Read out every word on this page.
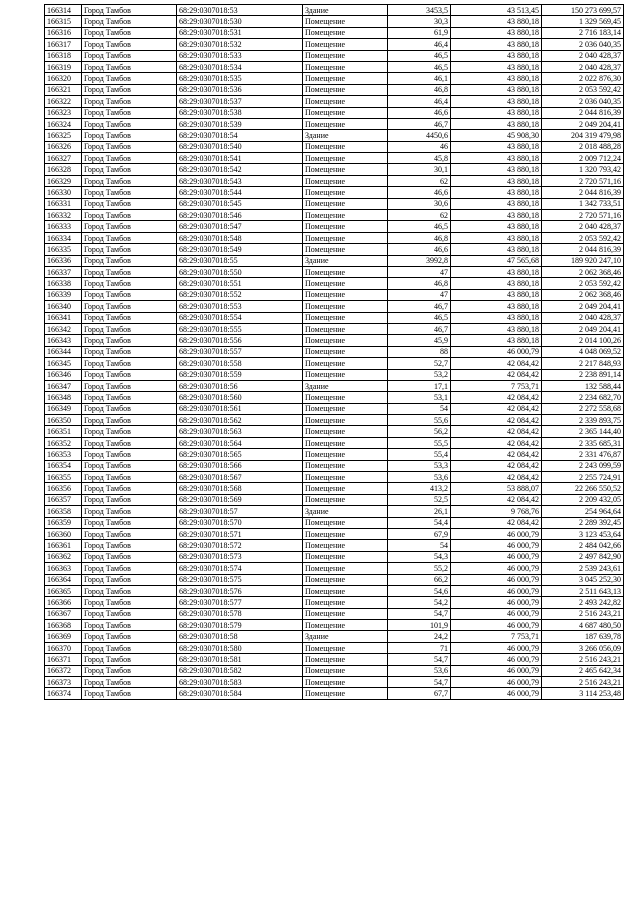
166314	Город Тамбов	68:29:0307018:53	Здание	3453,5	43 513,45	150 273 699,57
166315	Город Тамбов	68:29:0307018:530	Помещение	30,3	43 880,18	1 329 569,45
166316	Город Тамбов	68:29:0307018:531	Помещение	61,9	43 880,18	2 716 183,14
166317	Город Тамбов	68:29:0307018:532	Помещение	46,4	43 880,18	2 036 040,35
166318	Город Тамбов	68:29:0307018:533	Помещение	46,5	43 880,18	2 040 428,37
166319	Город Тамбов	68:29:0307018:534	Помещение	46,5	43 880,18	2 040 428,37
166320	Город Тамбов	68:29:0307018:535	Помещение	46,1	43 880,18	2 022 876,30
166321	Город Тамбов	68:29:0307018:536	Помещение	46,8	43 880,18	2 053 592,42
166322	Город Тамбов	68:29:0307018:537	Помещение	46,4	43 880,18	2 036 040,35
166323	Город Тамбов	68:29:0307018:538	Помещение	46,6	43 880,18	2 044 816,39
166324	Город Тамбов	68:29:0307018:539	Помещение	46,7	43 880,18	2 049 204,41
166325	Город Тамбов	68:29:0307018:54	Здание	4450,6	45 908,30	204 319 479,98
166326	Город Тамбов	68:29:0307018:540	Помещение	46	43 880,18	2 018 488,28
166327	Город Тамбов	68:29:0307018:541	Помещение	45,8	43 880,18	2 009 712,24
166328	Город Тамбов	68:29:0307018:542	Помещение	30,1	43 880,18	1 320 793,42
166329	Город Тамбов	68:29:0307018:543	Помещение	62	43 880,18	2 720 571,16
166330	Город Тамбов	68:29:0307018:544	Помещение	46,6	43 880,18	2 044 816,39
166331	Город Тамбов	68:29:0307018:545	Помещение	30,6	43 880,18	1 342 733,51
166332	Город Тамбов	68:29:0307018:546	Помещение	62	43 880,18	2 720 571,16
166333	Город Тамбов	68:29:0307018:547	Помещение	46,5	43 880,18	2 040 428,37
166334	Город Тамбов	68:29:0307018:548	Помещение	46,8	43 880,18	2 053 592,42
166335	Город Тамбов	68:29:0307018:549	Помещение	46,6	43 880,18	2 044 816,39
166336	Город Тамбов	68:29:0307018:55	Здание	3992,8	47 565,68	189 920 247,10
166337	Город Тамбов	68:29:0307018:550	Помещение	47	43 880,18	2 062 368,46
166338	Город Тамбов	68:29:0307018:551	Помещение	46,8	43 880,18	2 053 592,42
166339	Город Тамбов	68:29:0307018:552	Помещение	47	43 880,18	2 062 368,46
166340	Город Тамбов	68:29:0307018:553	Помещение	46,7	43 880,18	2 049 204,41
166341	Город Тамбов	68:29:0307018:554	Помещение	46,5	43 880,18	2 040 428,37
166342	Город Тамбов	68:29:0307018:555	Помещение	46,7	43 880,18	2 049 204,41
166343	Город Тамбов	68:29:0307018:556	Помещение	45,9	43 880,18	2 014 100,26
166344	Город Тамбов	68:29:0307018:557	Помещение	88	46 000,79	4 048 069,52
166345	Город Тамбов	68:29:0307018:558	Помещение	52,7	42 084,42	2 217 848,93
166346	Город Тамбов	68:29:0307018:559	Помещение	53,2	42 084,42	2 238 891,14
166347	Город Тамбов	68:29:0307018:56	Здание	17,1	7 753,71	132 588,44
166348	Город Тамбов	68:29:0307018:560	Помещение	53,1	42 084,42	2 234 682,70
166349	Город Тамбов	68:29:0307018:561	Помещение	54	42 084,42	2 272 558,68
166350	Город Тамбов	68:29:0307018:562	Помещение	55,6	42 084,42	2 339 893,75
166351	Город Тамбов	68:29:0307018:563	Помещение	56,2	42 084,42	2 365 144,40
166352	Город Тамбов	68:29:0307018:564	Помещение	55,5	42 084,42	2 335 685,31
166353	Город Тамбов	68:29:0307018:565	Помещение	55,4	42 084,42	2 331 476,87
166354	Город Тамбов	68:29:0307018:566	Помещение	53,3	42 084,42	2 243 099,59
166355	Город Тамбов	68:29:0307018:567	Помещение	53,6	42 084,42	2 255 724,91
166356	Город Тамбов	68:29:0307018:568	Помещение	413,2	53 888,07	22 266 550,52
166357	Город Тамбов	68:29:0307018:569	Помещение	52,5	42 084,42	2 209 432,05
166358	Город Тамбов	68:29:0307018:57	Здание	26,1	9 768,76	254 964,64
166359	Город Тамбов	68:29:0307018:570	Помещение	54,4	42 084,42	2 289 392,45
166360	Город Тамбов	68:29:0307018:571	Помещение	67,9	46 000,79	3 123 453,64
166361	Город Тамбов	68:29:0307018:572	Помещение	54	46 000,79	2 484 042,66
166362	Город Тамбов	68:29:0307018:573	Помещение	54,3	46 000,79	2 497 842,90
166363	Город Тамбов	68:29:0307018:574	Помещение	55,2	46 000,79	2 539 243,61
166364	Город Тамбов	68:29:0307018:575	Помещение	66,2	46 000,79	3 045 252,30
166365	Город Тамбов	68:29:0307018:576	Помещение	54,6	46 000,79	2 511 643,13
166366	Город Тамбов	68:29:0307018:577	Помещение	54,2	46 000,79	2 493 242,82
166367	Город Тамбов	68:29:0307018:578	Помещение	54,7	46 000,79	2 516 243,21
166368	Город Тамбов	68:29:0307018:579	Помещение	101,9	46 000,79	4 687 480,50
166369	Город Тамбов	68:29:0307018:58	Здание	24,2	7 753,71	187 639,78
166370	Город Тамбов	68:29:0307018:580	Помещение	71	46 000,79	3 266 056,09
166371	Город Тамбов	68:29:0307018:581	Помещение	54,7	46 000,79	2 516 243,21
166372	Город Тамбов	68:29:0307018:582	Помещение	53,6	46 000,79	2 465 642,34
166373	Город Тамбов	68:29:0307018:583	Помещение	54,7	46 000,79	2 516 243,21
166374	Город Тамбов	68:29:0307018:584	Помещение	67,7	46 000,79	3 114 253,48
